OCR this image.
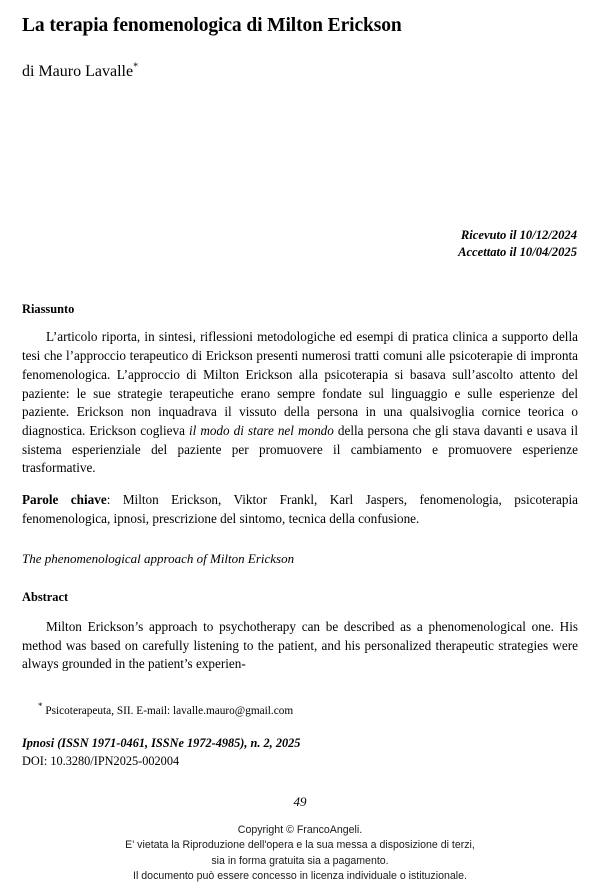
La terapia fenomenologica di Milton Erickson

di Mauro Lavalle*

Ricevuto il 10/12/2024
Accettato il 10/04/2025
Riassunto

L’articolo riporta, in sintesi, riflessioni metodologiche ed esempi di pratica clinica a supporto della tesi che l’approccio terapeutico di Erickson presenti numerosi tratti comuni alle psicoterapie di impronta fenomenologica. L’approccio di Milton Erickson alla psicoterapia si basava sull’ascolto attento del paziente: le sue strategie terapeutiche erano sempre fondate sul linguaggio e sulle esperienze del paziente. Erickson non inquadrava il vissuto della persona in una qualsivoglia cornice teorica o diagnostica. Erickson coglieva il modo di stare nel mondo della persona che gli stava davanti e usava il sistema esperienziale del paziente per promuovere il cambiamento e promuovere esperienze trasformative.

Parole chiave: Milton Erickson, Viktor Frankl, Karl Jaspers, fenomenologia, psicoterapia fenomenologica, ipnosi, prescrizione del sintomo, tecnica della confusione.

The phenomenological approach of Milton Erickson

Abstract

Milton Erickson’s approach to psychotherapy can be described as a phenomenological one. His method was based on carefully listening to the patient, and his personalized therapeutic strategies were always grounded in the patient’s experien-

* Psicoterapeuta, SII. E-mail: lavalle.mauro@gmail.com

Ipnosi (ISSN 1971-0461, ISSNe 1972-4985), n. 2, 2025

DOI: 10.3280/IPN2025-002004

49

Copyright © FrancoAngeli.
E' vietata la Riproduzione dell'opera e la sua messa a disposizione di terzi,
sia in forma gratuita sia a pagamento.
Il documento può essere concesso in licenza individuale o istituzionale.
